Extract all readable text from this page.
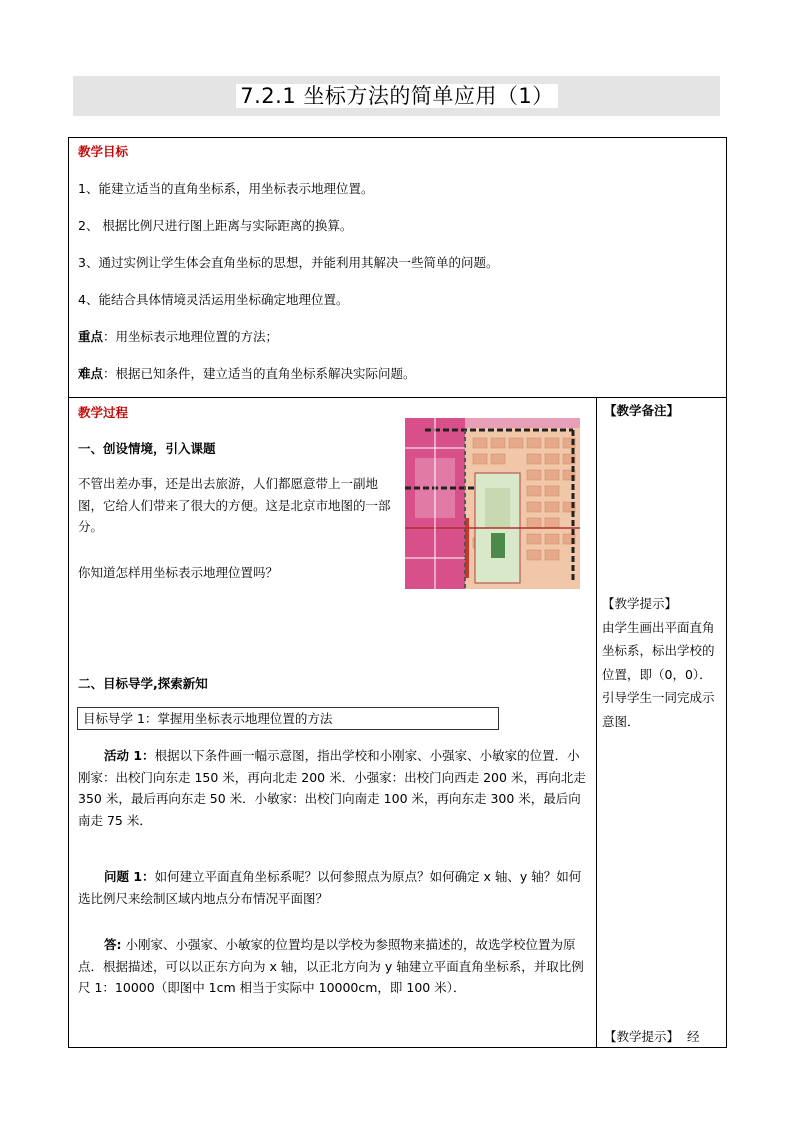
7.2.1 坐标方法的简单应用（1）
教学目标
1、能建立适当的直角坐标系，用坐标表示地理位置。
2、 根据比例尺进行图上距离与实际距离的换算。
3、通过实例让学生体会直角坐标的思想，并能利用其解决一些简单的问题。
4、能结合具体情境灵活运用坐标确定地理位置。
重点：用坐标表示地理位置的方法；
难点：根据已知条件，建立适当的直角坐标系解决实际问题。
教学过程
一、创设情境，引入课题
不管出差办事，还是出去旅游，人们都愿意带上一副地图，它给人们带来了很大的方便。这是北京市地图的一部分。
你知道怎样用坐标表示地理位置吗？
二、目标导学,探索新知
目标导学 1：掌握用坐标表示地理位置的方法
活动 1：根据以下条件画一幅示意图，指出学校和小刚家、小强家、小敏家的位置．小刚家：出校门向东走 150 米，再向北走 200 米．小强家：出校门向西走 200 米，再向北走 350 米，最后再向东走 50 米．小敏家：出校门向南走 100 米，再向东走 300 米，最后向南走 75 米．
问题 1：如何建立平面直角坐标系呢？以何参照点为原点？如何确定 x 轴、y 轴？如何选比例尺来绘制区域内地点分布情况平面图？
答: 小刚家、小强家、小敏家的位置均是以学校为参照物来描述的，故选学校位置为原点．根据描述，可以以正东方向为 x 轴，以正北方向为 y 轴建立平面直角坐标系，并取比例尺 1：10000（即图中 1cm 相当于实际中 10000cm，即 100 米）．
【教学备注】
【教学提示】
由学生画出平面直角坐标系，标出学校的位置，即（0，0）．引导学生一同完成示意图．
【教学提示】 经
